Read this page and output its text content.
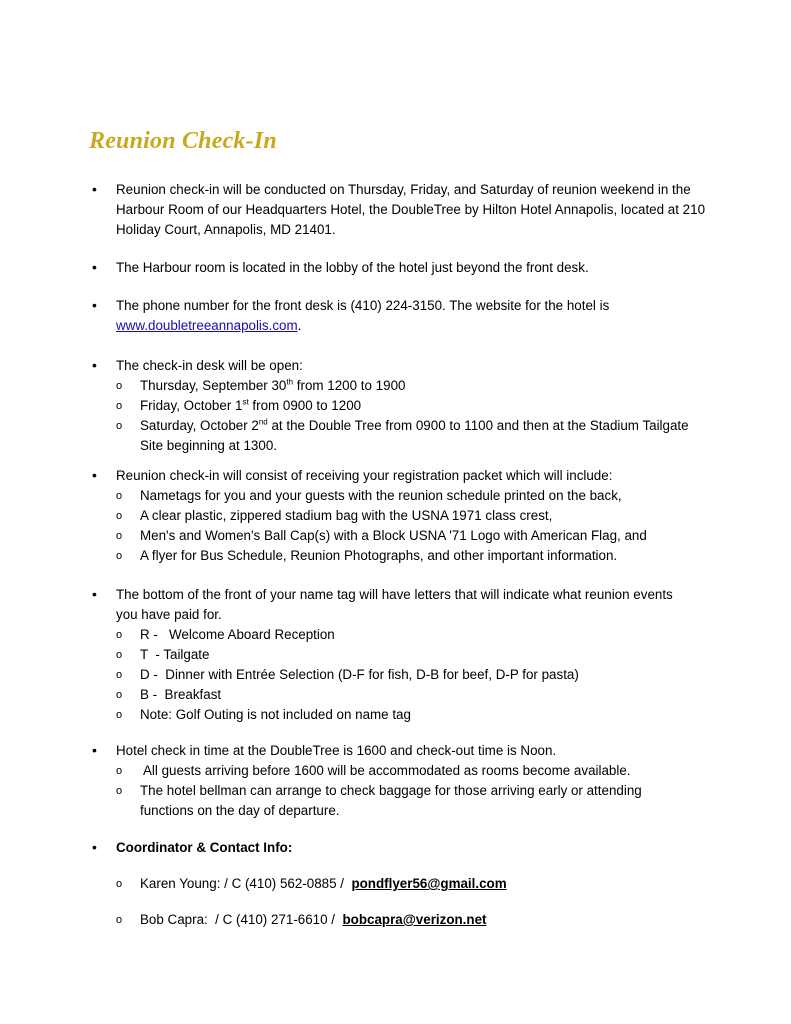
Reunion Check-In
• Reunion check-in will be conducted on Thursday, Friday, and Saturday of reunion weekend in the Harbour Room of our Headquarters Hotel, the DoubleTree by Hilton Hotel Annapolis, located at 210 Holiday Court, Annapolis, MD 21401.
• The Harbour room is located in the lobby of the hotel just beyond the front desk.
• The phone number for the front desk is (410) 224-3150. The website for the hotel is www.doubletreeannapolis.com.
• The check-in desk will be open:
o Thursday, September 30th from 1200 to 1900
o Friday, October 1st from 0900 to 1200
o Saturday, October 2nd at the Double Tree from 0900 to 1100 and then at the Stadium Tailgate Site beginning at 1300.
• Reunion check-in will consist of receiving your registration packet which will include:
o Nametags for you and your guests with the reunion schedule printed on the back,
o A clear plastic, zippered stadium bag with the USNA 1971 class crest,
o Men's and Women's Ball Cap(s) with a Block USNA '71 Logo with American Flag, and
o A flyer for Bus Schedule, Reunion Photographs, and other important information.
• The bottom of the front of your name tag will have letters that will indicate what reunion events you have paid for.
o R -   Welcome Aboard Reception
o T  - Tailgate
o D -  Dinner with Entrée Selection (D-F for fish, D-B for beef, D-P for pasta)
o B -  Breakfast
o Note: Golf Outing is not included on name tag
• Hotel check in time at the DoubleTree is 1600 and check-out time is Noon.
o All guests arriving before 1600 will be accommodated as rooms become available.
o The hotel bellman can arrange to check baggage for those arriving early or attending functions on the day of departure.
• Coordinator & Contact Info:
o Karen Young: / C (410) 562-0885 /  pondflyer56@gmail.com
o Bob Capra:  / C (410) 271-6610 /  bobcapra@verizon.net
